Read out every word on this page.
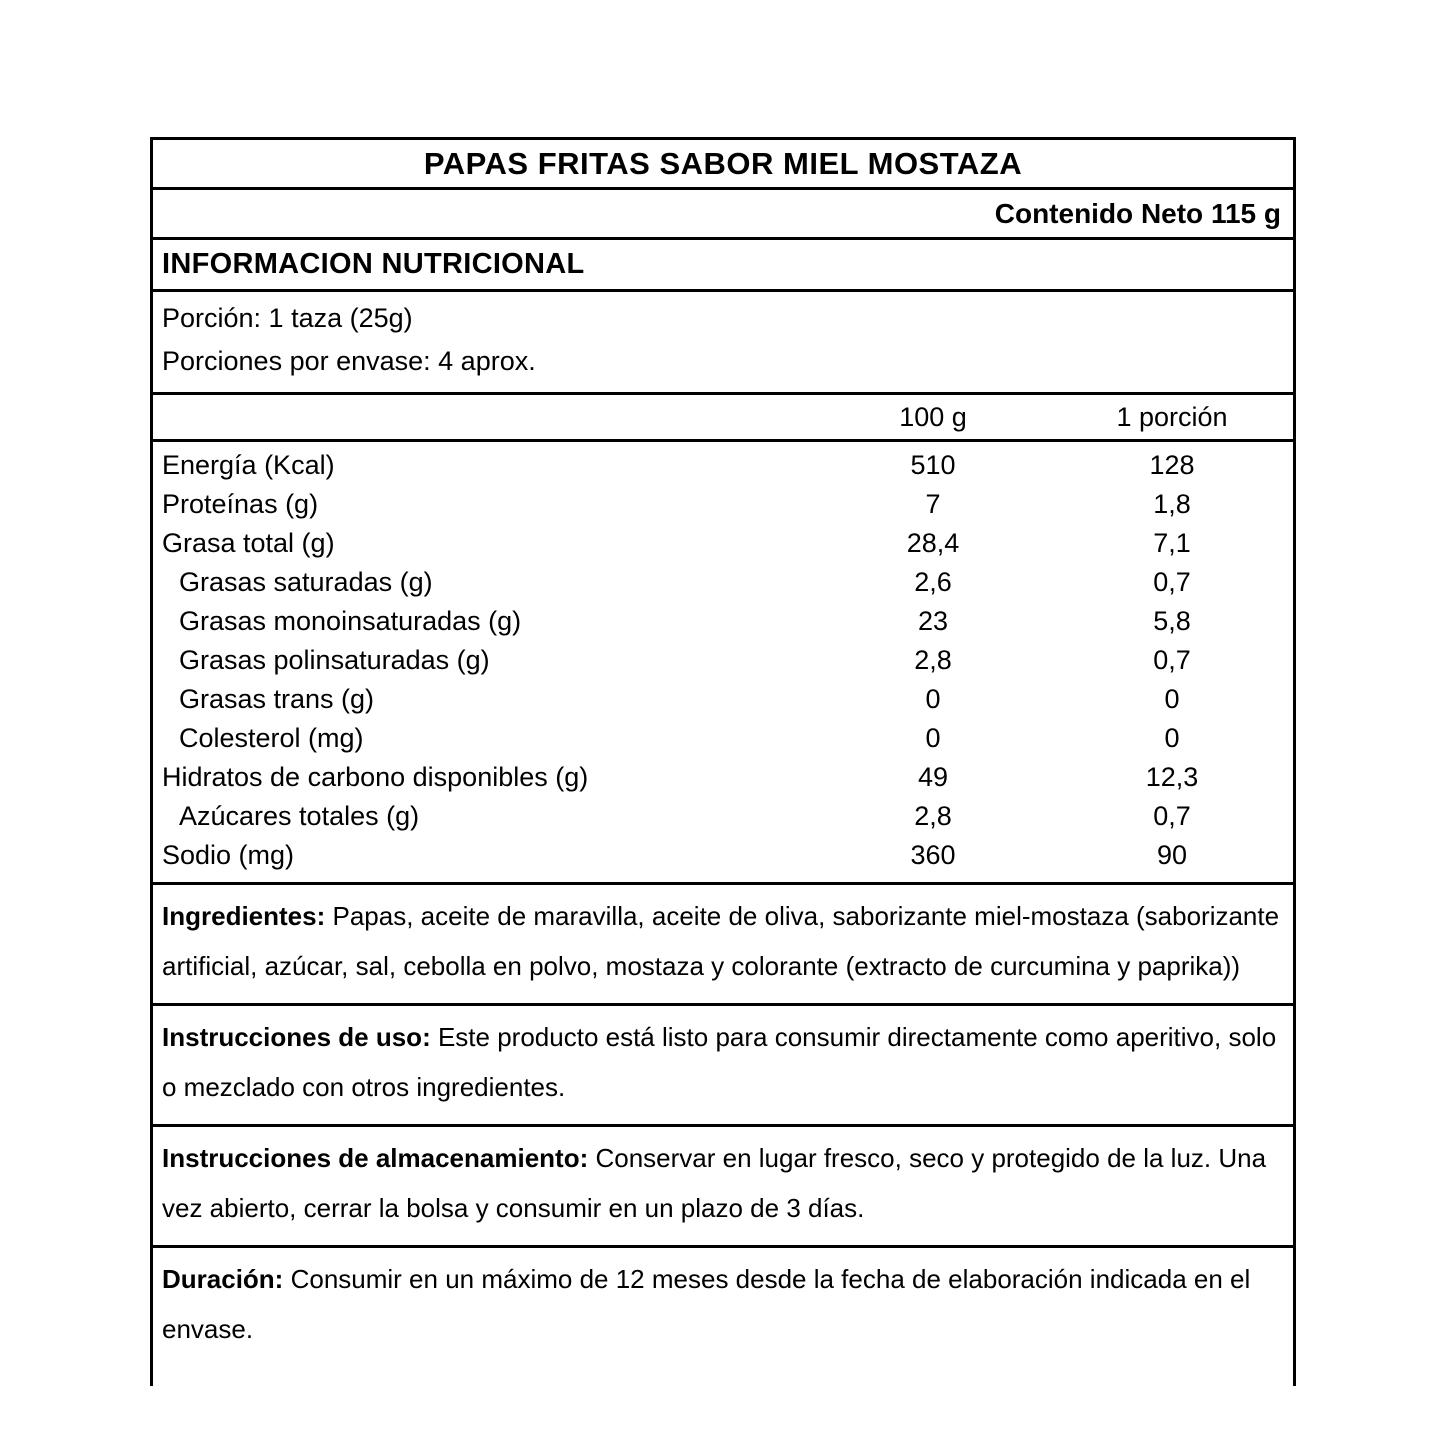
PAPAS FRITAS SABOR MIEL MOSTAZA
Contenido Neto 115 g
INFORMACION NUTRICIONAL
Porción: 1 taza (25g)
Porciones por envase: 4 aprox.
100 g	1 porción
Energía (Kcal)	510	128
Proteínas (g)	7	1,8
Grasa total (g)	28,4	7,1
Grasas saturadas (g)	2,6	0,7
Grasas monoinsaturadas (g)	23	5,8
Grasas polinsaturadas (g)	2,8	0,7
Grasas trans (g)	0	0
Colesterol (mg)	0	0
Hidratos de carbono disponibles (g)	49	12,3
Azúcares totales (g)	2,8	0,7
Sodio (mg)	360	90

Ingredientes: Papas, aceite de maravilla, aceite de oliva, saborizante miel-mostaza (saborizante artificial, azúcar, sal, cebolla en polvo, mostaza y colorante (extracto de curcumina y paprika))

Instrucciones de uso: Este producto está listo para consumir directamente como aperitivo, solo o mezclado con otros ingredientes.

Instrucciones de almacenamiento: Conservar en lugar fresco, seco y protegido de la luz. Una vez abierto, cerrar la bolsa y consumir en un plazo de 3 días.

Duración: Consumir en un máximo de 12 meses desde la fecha de elaboración indicada en el envase.
